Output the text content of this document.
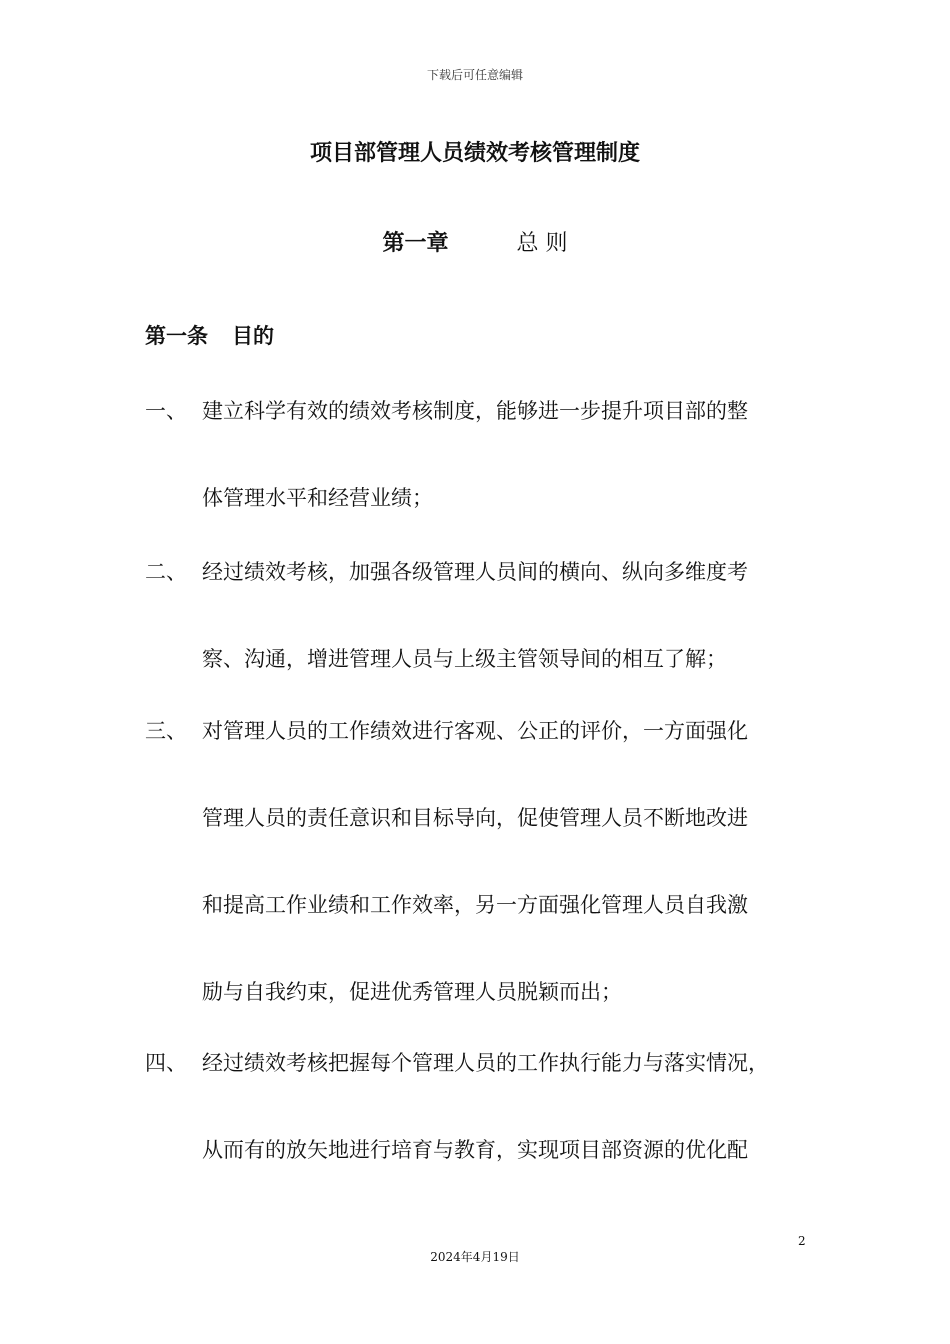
下载后可任意编辑
项目部管理人员绩效考核管理制度
第一章	总 则
第一条 目的
一、 建立科学有效的绩效考核制度，能够进一步提升项目部的整
体管理水平和经营业绩；
二、 经过绩效考核，加强各级管理人员间的横向、纵向多维度考
察、沟通，增进管理人员与上级主管领导间的相互了解；
三、 对管理人员的工作绩效进行客观、公正的评价，一方面强化
管理人员的责任意识和目标导向，促使管理人员不断地改进
和提高工作业绩和工作效率，另一方面强化管理人员自我激
励与自我约束，促进优秀管理人员脱颖而出；
四、 经过绩效考核把握每个管理人员的工作执行能力与落实情况，
从而有的放矢地进行培育与教育，实现项目部资源的优化配
2
2024年4月19日
